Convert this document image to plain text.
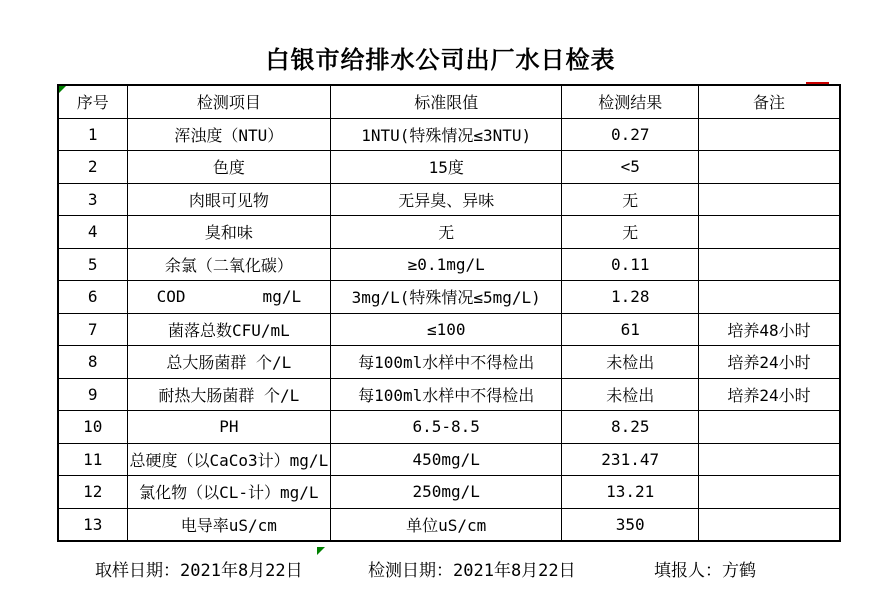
白银市给排水公司出厂水日检表
序号	检测项目	标准限值	检测结果	备注
1	浑浊度（NTU）	1NTU(特殊情况≤3NTU)	0.27	
2	色度	15度	<5	
3	肉眼可见物	无异臭、异味	无	
4	臭和味	无	无	
5	余氯（二氧化碳）	≥0.1mg/L	0.11	
6	COD        mg/L	3mg/L(特殊情况≤5mg/L)	1.28	
7	菌落总数CFU/mL	≤100	61	培养48小时
8	总大肠菌群 个/L	每100ml水样中不得检出	未检出	培养24小时
9	耐热大肠菌群 个/L	每100ml水样中不得检出	未检出	培养24小时
10	PH	6.5-8.5	8.25	
11	总硬度（以CaCo3计）mg/L	450mg/L	231.47	
12	氯化物（以CL-计）mg/L	250mg/L	13.21	
13	电导率uS/cm	单位uS/cm	350	
取样日期：2021年8月22日	检测日期：2021年8月22日	填报人：方鹤
